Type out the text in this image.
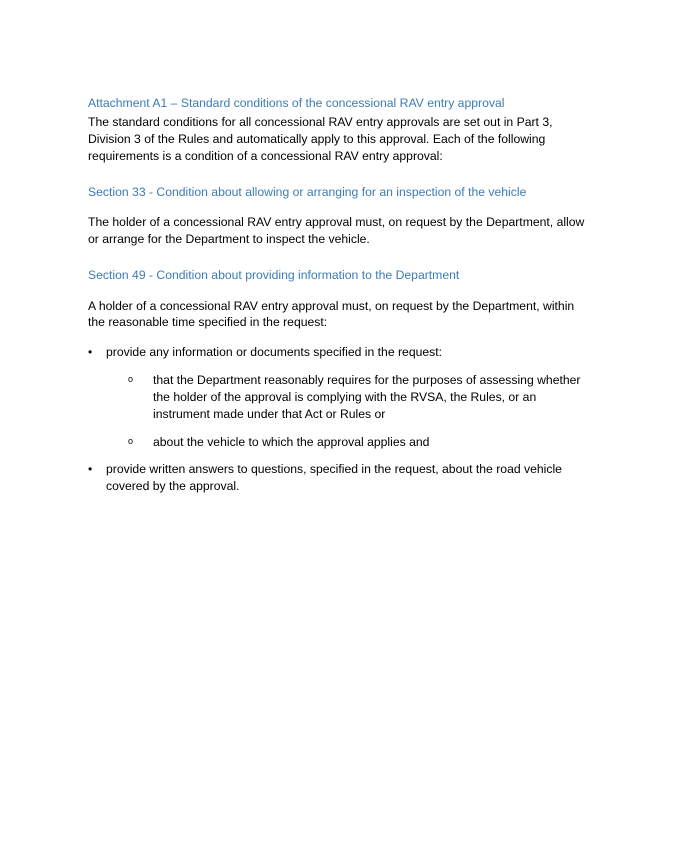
Attachment A1 – Standard conditions of the concessional RAV entry approval

The standard conditions for all concessional RAV entry approvals are set out in Part 3, Division 3 of the Rules and automatically apply to this approval. Each of the following requirements is a condition of a concessional RAV entry approval:

Section 33 - Condition about allowing or arranging for an inspection of the vehicle

The holder of a concessional RAV entry approval must, on request by the Department, allow or arrange for the Department to inspect the vehicle.

Section 49 - Condition about providing information to the Department

A holder of a concessional RAV entry approval must, on request by the Department, within the reasonable time specified in the request:

• provide any information or documents specified in the request:
o that the Department reasonably requires for the purposes of assessing whether the holder of the approval is complying with the RVSA, the Rules, or an instrument made under that Act or Rules or
o about the vehicle to which the approval applies and
• provide written answers to questions, specified in the request, about the road vehicle covered by the approval.
